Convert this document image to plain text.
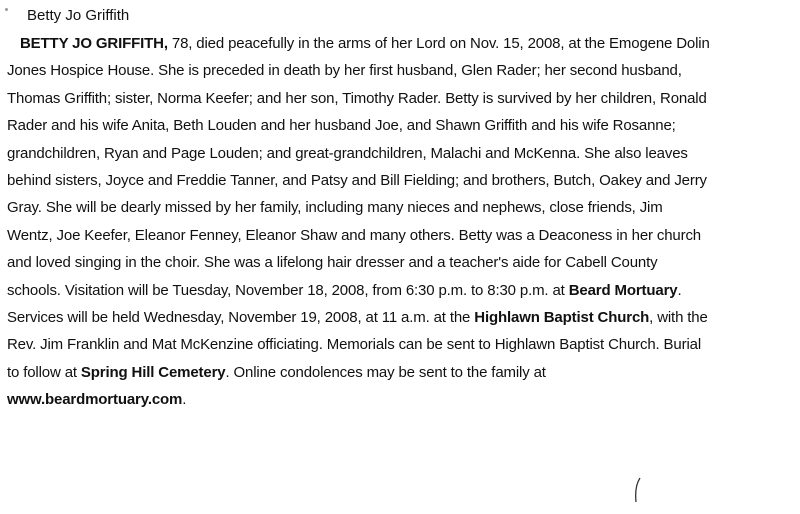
Betty Jo Griffith
BETTY JO GRIFFITH, 78, died peacefully in the arms of her Lord on Nov. 15, 2008, at the Emogene Dolin
Jones Hospice House. She is preceded in death by her first husband, Glen Rader; her second husband,
Thomas Griffith; sister, Norma Keefer; and her son, Timothy Rader. Betty is survived by her children, Ronald
Rader and his wife Anita, Beth Louden and her husband Joe, and Shawn Griffith and his wife Rosanne;
grandchildren, Ryan and Page Louden; and great-grandchildren, Malachi and McKenna. She also leaves
behind sisters, Joyce and Freddie Tanner, and Patsy and Bill Fielding; and brothers, Butch, Oakey and Jerry
Gray. She will be dearly missed by her family, including many nieces and nephews, close friends, Jim
Wentz, Joe Keefer, Eleanor Fenney, Eleanor Shaw and many others. Betty was a Deaconess in her church
and loved singing in the choir. She was a lifelong hair dresser and a teacher's aide for Cabell County
schools. Visitation will be Tuesday, November 18, 2008, from 6:30 p.m. to 8:30 p.m. at Beard Mortuary.
Services will be held Wednesday, November 19, 2008, at 11 a.m. at the Highlawn Baptist Church, with the
Rev. Jim Franklin and Mat McKenzine officiating. Memorials can be sent to Highlawn Baptist Church. Burial
to follow at Spring Hill Cemetery. Online condolences may be sent to the family at
www.beardmortuary.com.
